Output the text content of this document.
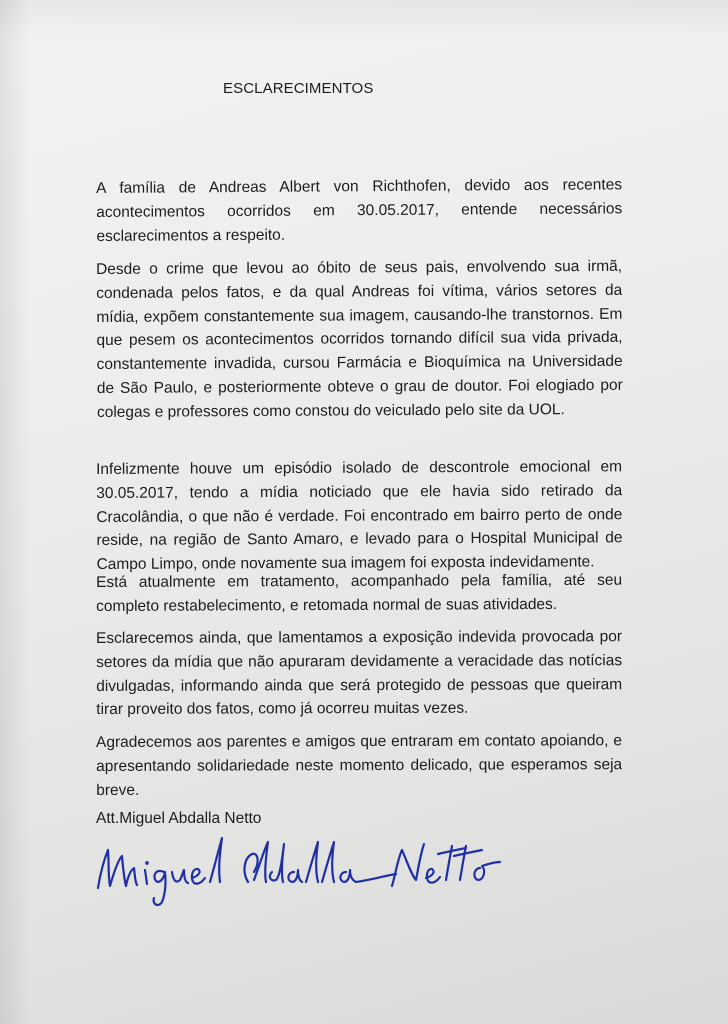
ESCLARECIMENTOS

A família de Andreas Albert von Richthofen, devido aos recentes acontecimentos ocorridos em 30.05.2017, entende necessários esclarecimentos a respeito.

Desde o crime que levou ao óbito de seus pais, envolvendo sua irmã, condenada pelos fatos, e da qual Andreas foi vítima, vários setores da mídia, expõem constantemente sua imagem, causando-lhe transtornos. Em que pesem os acontecimentos ocorridos tornando difícil sua vida privada, constantemente invadida, cursou Farmácia e Bioquímica na Universidade de São Paulo, e posteriormente obteve o grau de doutor. Foi elogiado por colegas e professores como constou do veiculado pelo site da UOL.

Infelizmente houve um episódio isolado de descontrole emocional em 30.05.2017, tendo a mídia noticiado que ele havia sido retirado da Cracolândia, o que não é verdade. Foi encontrado em bairro perto de onde reside, na região de Santo Amaro, e levado para o Hospital Municipal de Campo Limpo, onde novamente sua imagem foi exposta indevidamente.

Está atualmente em tratamento, acompanhado pela família, até seu completo restabelecimento, e retomada normal de suas atividades.

Esclarecemos ainda, que lamentamos a exposição indevida provocada por setores da mídia que não apuraram devidamente a veracidade das notícias divulgadas, informando ainda que será protegido de pessoas que queiram tirar proveito dos fatos, como já ocorreu muitas vezes.

Agradecemos aos parentes e amigos que entraram em contato apoiando, e apresentando solidariedade neste momento delicado, que esperamos seja breve.

Att.Miguel Abdalla Netto
